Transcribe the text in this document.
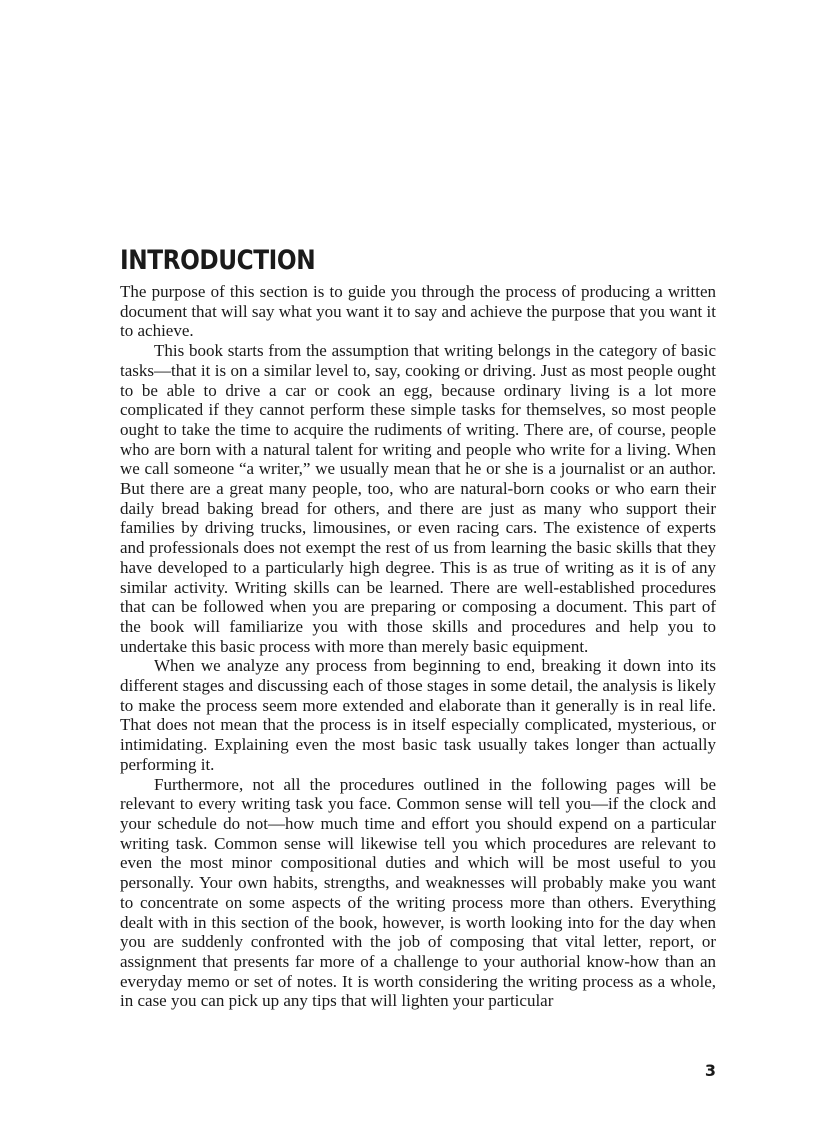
INTRODUCTION

The purpose of this section is to guide you through the process of producing a written document that will say what you want it to say and achieve the purpose that you want it to achieve.

This book starts from the assumption that writing belongs in the category of basic tasks—that it is on a similar level to, say, cooking or driving. Just as most people ought to be able to drive a car or cook an egg, because ordinary living is a lot more complicated if they cannot perform these simple tasks for themselves, so most people ought to take the time to acquire the rudiments of writing. There are, of course, people who are born with a natural talent for writing and people who write for a living. When we call someone “a writer,” we usually mean that he or she is a journalist or an author. But there are a great many people, too, who are natural-born cooks or who earn their daily bread baking bread for others, and there are just as many who support their families by driving trucks, limousines, or even racing cars. The existence of experts and professionals does not exempt the rest of us from learning the basic skills that they have developed to a particularly high degree. This is as true of writing as it is of any similar activity. Writing skills can be learned. There are well-established procedures that can be followed when you are preparing or composing a document. This part of the book will familiarize you with those skills and procedures and help you to undertake this basic process with more than merely basic equipment.

When we analyze any process from beginning to end, breaking it down into its different stages and discussing each of those stages in some detail, the analysis is likely to make the process seem more extended and elaborate than it generally is in real life. That does not mean that the process is in itself especially complicated, mysterious, or intimidating. Explaining even the most basic task usually takes longer than actually performing it.

Furthermore, not all the procedures outlined in the following pages will be relevant to every writing task you face. Common sense will tell you—if the clock and your schedule do not—how much time and effort you should expend on a particular writing task. Common sense will likewise tell you which procedures are relevant to even the most minor compositional duties and which will be most useful to you personally. Your own habits, strengths, and weaknesses will probably make you want to concentrate on some aspects of the writing process more than others. Everything dealt with in this section of the book, however, is worth looking into for the day when you are suddenly confronted with the job of composing that vital letter, report, or assignment that presents far more of a challenge to your authorial know-how than an everyday memo or set of notes. It is worth considering the writing process as a whole, in case you can pick up any tips that will lighten your particular

3
